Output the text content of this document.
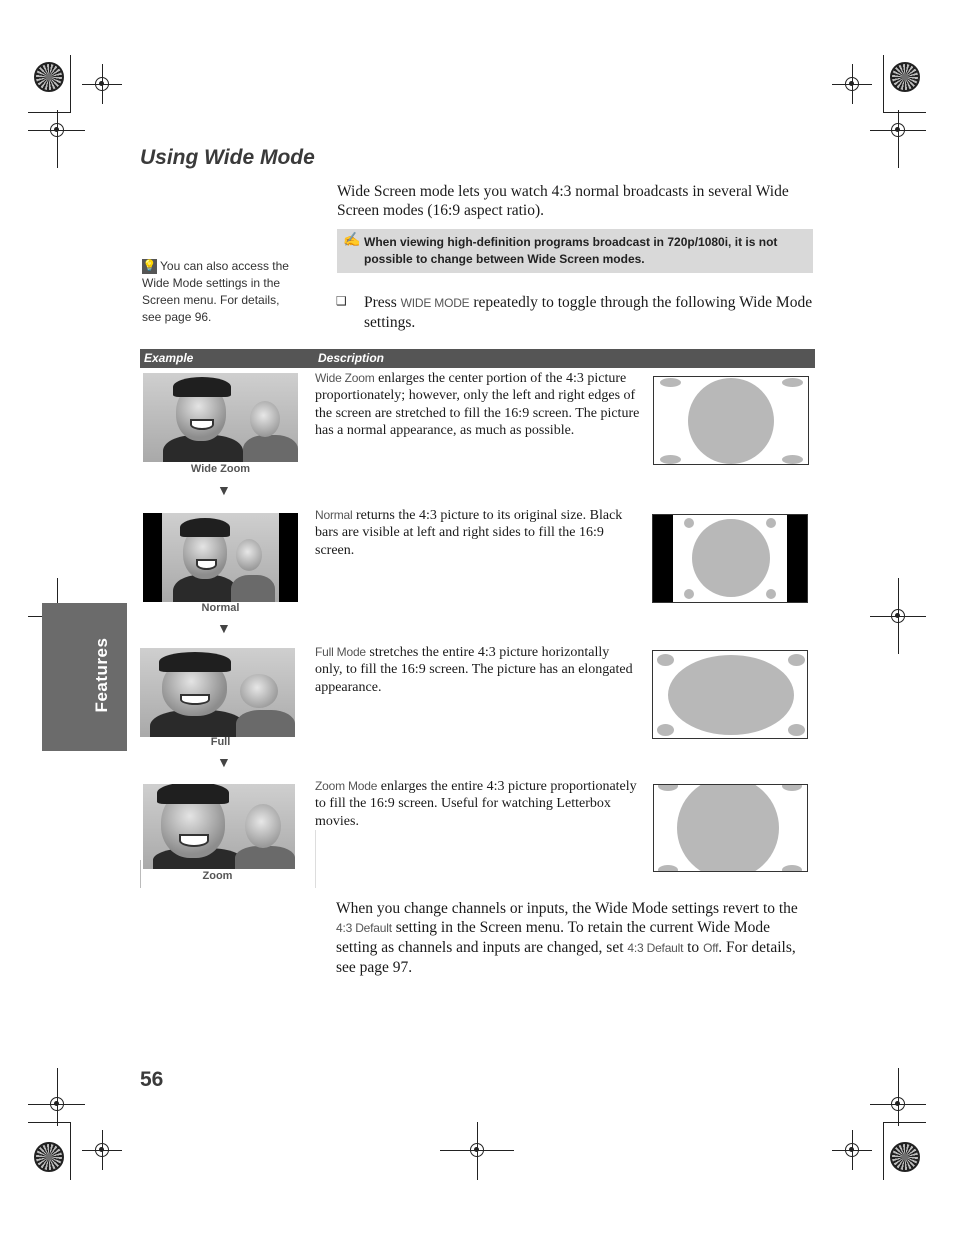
Using Wide Mode
Wide Screen mode lets you watch 4:3 normal broadcasts in several Wide Screen modes (16:9 aspect ratio).
✍ When viewing high-definition programs broadcast in 720p/1080i, it is not possible to change between Wide Screen modes.
💡 You can also access the Wide Mode settings in the Screen menu. For details, see page 96.
❑ Press WIDE MODE repeatedly to toggle through the following Wide Mode settings.
Example	Description
Wide Zoom
▼
Wide Zoom enlarges the center portion of the 4:3 picture proportionately; however, only the left and right edges of the screen are stretched to fill the 16:9 screen. The picture has a normal appearance, as much as possible.
Normal
▼
Normal returns the 4:3 picture to its original size. Black bars are visible at left and right sides to fill the 16:9 screen.
Full
▼
Full Mode stretches the entire 4:3 picture horizontally only, to fill the 16:9 screen. The picture has an elongated appearance.
Zoom
Zoom Mode enlarges the entire 4:3 picture proportionately to fill the 16:9 screen. Useful for watching Letterbox movies.
When you change channels or inputs, the Wide Mode settings revert to the 4:3 Default setting in the Screen menu. To retain the current Wide Mode setting as channels and inputs are changed, set 4:3 Default to Off. For details, see page 97.
Features
56
